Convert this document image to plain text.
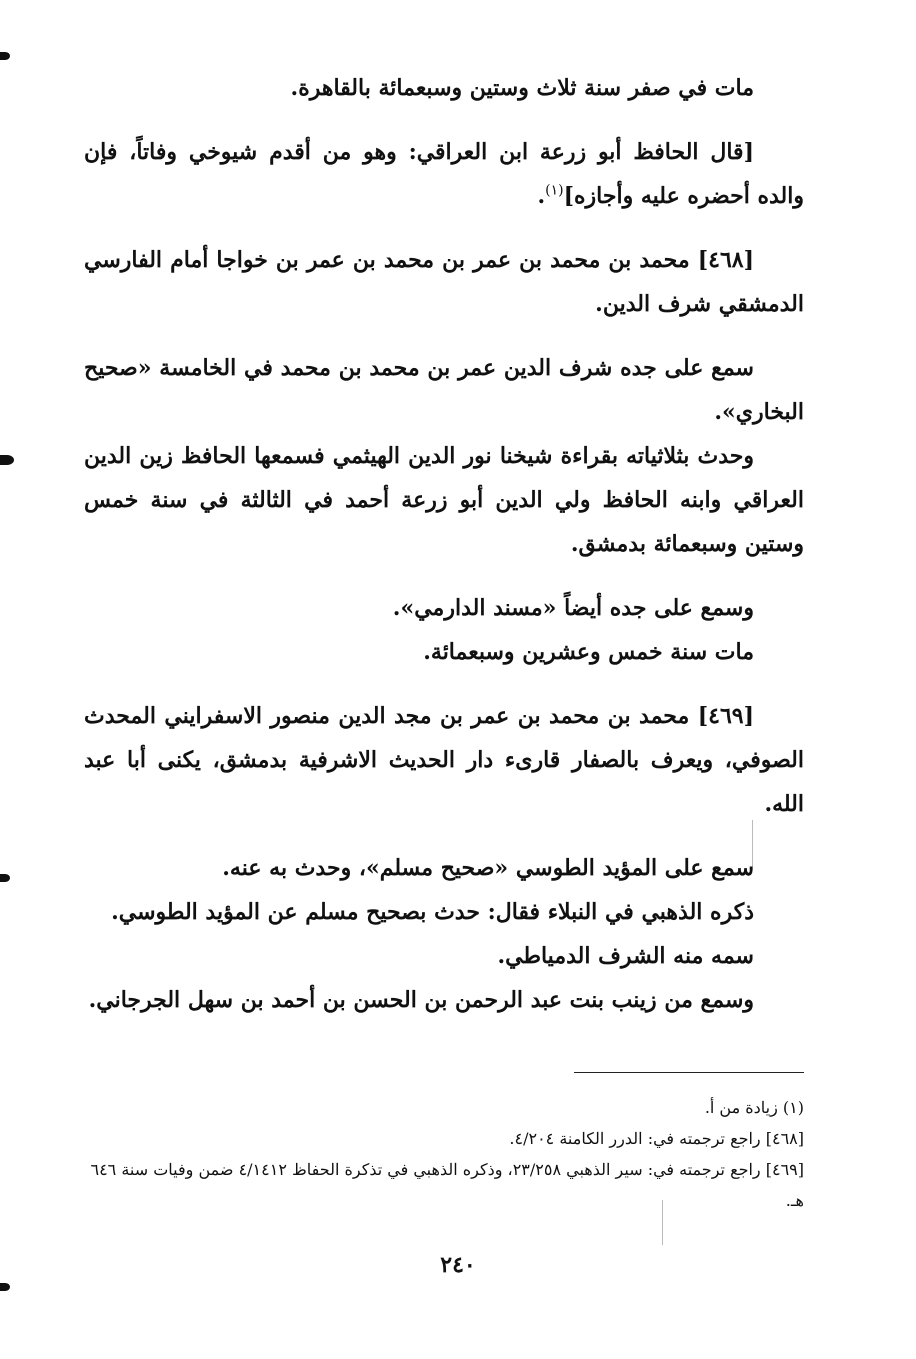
مات في صفر سنة ثلاث وستين وسبعمائة بالقاهرة.

[قال الحافظ أبو زرعة ابن العراقي: وهو من أقدم شيوخي وفاتاً، فإن والده أحضره عليه وأجازه]$^{(١)}$.

[٤٦٨] محمد بن محمد بن عمر بن محمد بن عمر بن خواجا أمام الفارسي الدمشقي شرف الدين.

سمع على جده شرف الدين عمر بن محمد بن محمد في الخامسة «صحيح البخاري».

وحدث بثلاثياته بقراءة شيخنا نور الدين الهيثمي فسمعها الحافظ زين الدين العراقي وابنه الحافظ ولي الدين أبو زرعة أحمد في الثالثة في سنة خمس وستين وسبعمائة بدمشق.

وسمع على جده أيضاً «مسند الدارمي».

مات سنة خمس وعشرين وسبعمائة.

[٤٦٩] محمد بن محمد بن عمر بن مجد الدين منصور الاسفرايني المحدث الصوفي، ويعرف بالصفار قارىء دار الحديث الاشرفية بدمشق، يكنى أبا عبد الله.

سمع على المؤيد الطوسي «صحيح مسلم»، وحدث به عنه.

ذكره الذهبي في النبلاء فقال: حدث بصحيح مسلم عن المؤيد الطوسي.

سمه منه الشرف الدمياطي.

وسمع من زينب بنت عبد الرحمن بن الحسن بن أحمد بن سهل الجرجاني.

(١) زيادة من أ.

[٤٦٨] راجع ترجمته في: الدرر الكامنة ٤/٢٠٤.

[٤٦٩] راجع ترجمته في: سير الذهبي ٢٣/٢٥٨، وذكره الذهبي في تذكرة الحفاظ ٤/١٤١٢ ضمن وفيات سنة ٦٤٦ هـ.

٢٤٠
